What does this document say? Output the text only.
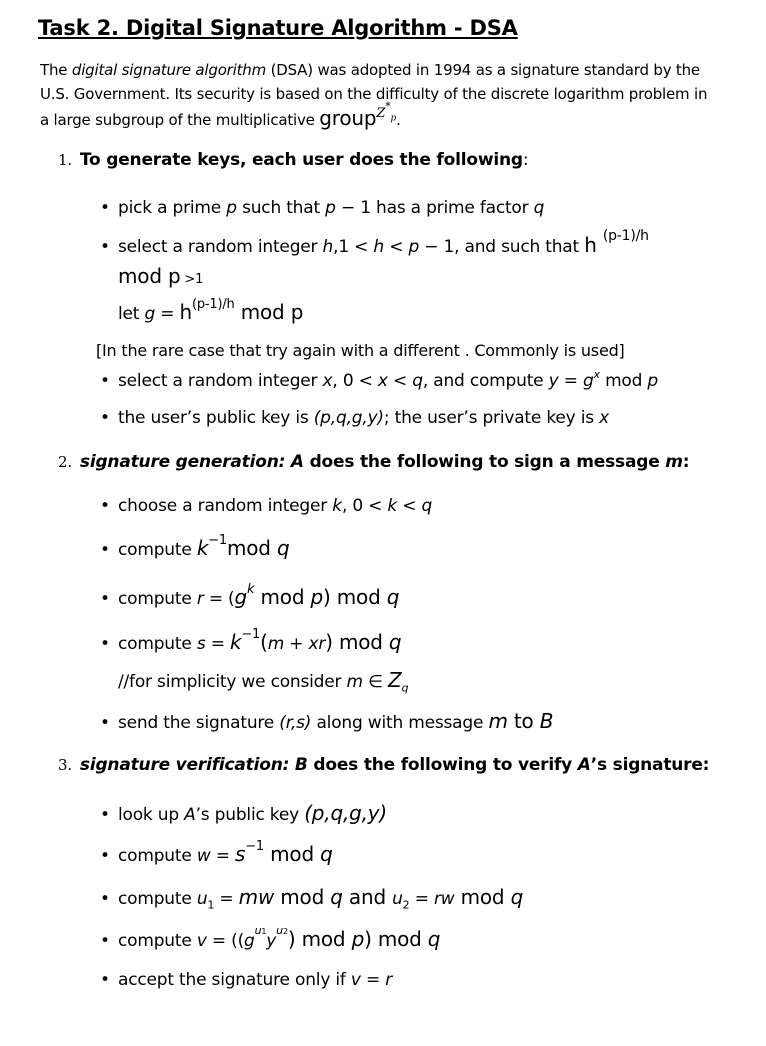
Task 2. Digital Signature Algorithm - DSA

The digital signature algorithm (DSA) was adopted in 1994 as a signature standard by the U.S. Government. Its security is based on the difficulty of the discrete logarithm problem in a large subgroup of the multiplicative groupZ*$_p$.

1. To generate keys, each user does the following:

• pick a prime p such that p − 1 has a prime factor q

• select a random integer h,1 < h < p − 1, and such that h $^{(p-1)/h}$

mod p >1

let $g = h^{(p-1)/h}$ mod p

[In the rare case that try again with a different . Commonly is used]

• select a random integer x, 0 < x < q, and compute $y = g^x$ mod p

• the user’s public key is (p,q,g,y); the user’s private key is x

2. signature generation: A does the following to sign a message m:

• choose a random integer k, 0 < k < q

• compute $k^{-1}mod$ q

• compute $r = (g^k$ mod p) mod q

• compute $s = k^{-1}(m + xr)$ mod q

//for simplicity we consider m ∈ $Z_q$

• send the signature (r,s) along with message m to B

3. signature verification: B does the following to verify A’s signature:

• look up A’s public key (p,q,g,y)

• compute $w = s^{-1}$ mod q

• compute $u_1$ = mw mod q and $u_2$ = rw mod q

• compute $v = ((g^{u1}y^{u2})$ mod p) mod q

• accept the signature only if v = r
